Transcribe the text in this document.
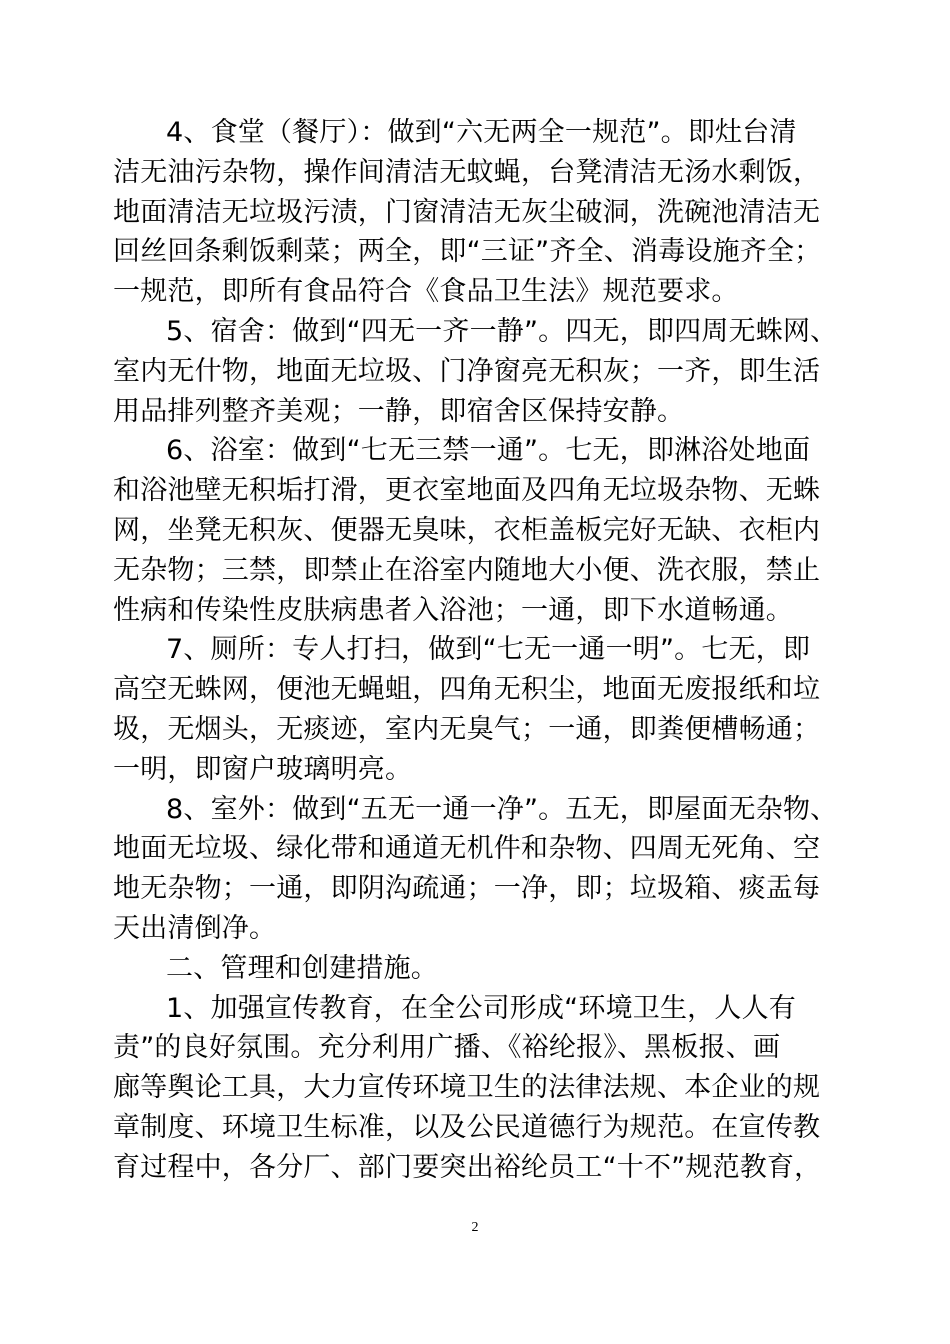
4、食堂（餐厅）：做到“六无两全一规范”。即灶台清
洁无油污杂物，操作间清洁无蚊蝇，台凳清洁无汤水剩饭，
地面清洁无垃圾污渍，门窗清洁无灰尘破洞，洗碗池清洁无
回丝回条剩饭剩菜；两全，即“三证”齐全、消毒设施齐全；
一规范，即所有食品符合《食品卫生法》规范要求。
5、宿舍：做到“四无一齐一静”。四无，即四周无蛛网、
室内无什物，地面无垃圾、门净窗亮无积灰；一齐，即生活
用品排列整齐美观；一静，即宿舍区保持安静。
6、浴室：做到“七无三禁一通”。七无，即淋浴处地面
和浴池壁无积垢打滑，更衣室地面及四角无垃圾杂物、无蛛
网，坐凳无积灰、便器无臭味，衣柜盖板完好无缺、衣柜内
无杂物；三禁，即禁止在浴室内随地大小便、洗衣服，禁止
性病和传染性皮肤病患者入浴池；一通，即下水道畅通。
7、厕所：专人打扫，做到“七无一通一明”。七无，即
高空无蛛网，便池无蝇蛆，四角无积尘，地面无废报纸和垃
圾，无烟头，无痰迹，室内无臭气；一通，即粪便槽畅通；
一明，即窗户玻璃明亮。
8、室外：做到“五无一通一净”。五无，即屋面无杂物、
地面无垃圾、绿化带和通道无机件和杂物、四周无死角、空
地无杂物；一通，即阴沟疏通；一净，即；垃圾箱、痰盂每
天出清倒净。
二、管理和创建措施。
1、加强宣传教育，在全公司形成“环境卫生，人人有
责”的良好氛围。充分利用广播、《裕纶报》、黑板报、画
廊等舆论工具，大力宣传环境卫生的法律法规、本企业的规
章制度、环境卫生标准，以及公民道德行为规范。在宣传教
育过程中，各分厂、部门要突出裕纶员工“十不”规范教育，
2
